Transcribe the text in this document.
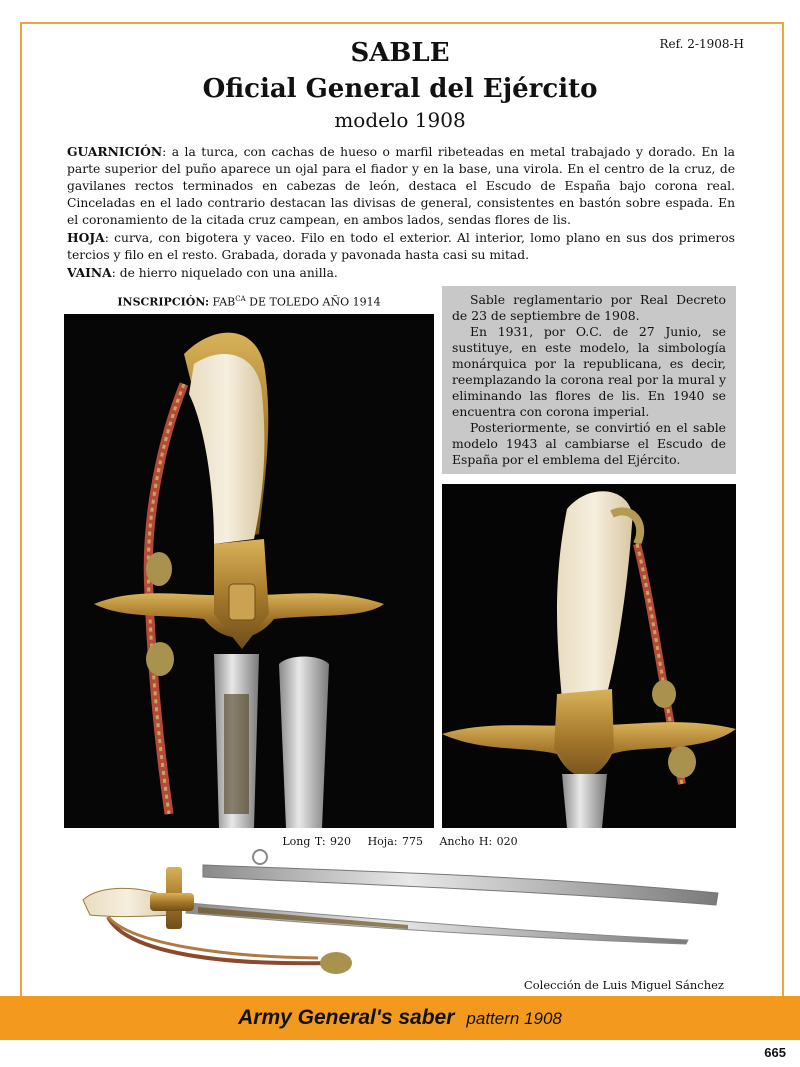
Ref. 2-1908-H
SABLE
Oficial General del Ejército
modelo 1908

GUARNICIÓN: a la turca, con cachas de hueso o marfil ribeteadas en metal trabajado y dorado. En la parte superior del puño aparece un ojal para el fiador y en la base, una virola. En el centro de la cruz, de gavilanes rectos terminados en cabezas de león, destaca el Escudo de España bajo corona real. Cinceladas en el lado contrario destacan las divisas de general, consistentes en bastón sobre espada. En el coronamiento de la citada cruz campean, en ambos lados, sendas flores de lis.

HOJA: curva, con bigotera y vaceo. Filo en todo el exterior. Al interior, lomo plano en sus dos primeros tercios y filo en el resto. Grabada, dorada y pavonada hasta casi su mitad.

VAINA: de hierro niquelado con una anilla.

INSCRIPCIÓN: $FAB^{CA}$ DE TOLEDO AÑO 1914	Sable reglamentario por Real Decreto de 23 de septiembre de 1908.

En 1931, por O.C. de 27 Junio, se sustituye, en este modelo, la simbología monárquica por la republicana, es decir, reemplazando la corona real por la mural y eliminando las flores de lis. En 1940 se encuentra con corona imperial.

Posteriormente, se convirtió en el sable modelo 1943 al cambiarse el Escudo de España por el emblema del Ejército.

Long T: 920 Hoja: 775 Ancho H: 020
Colección de Luis Miguel Sánchez
Army General's saber pattern 1908
665
